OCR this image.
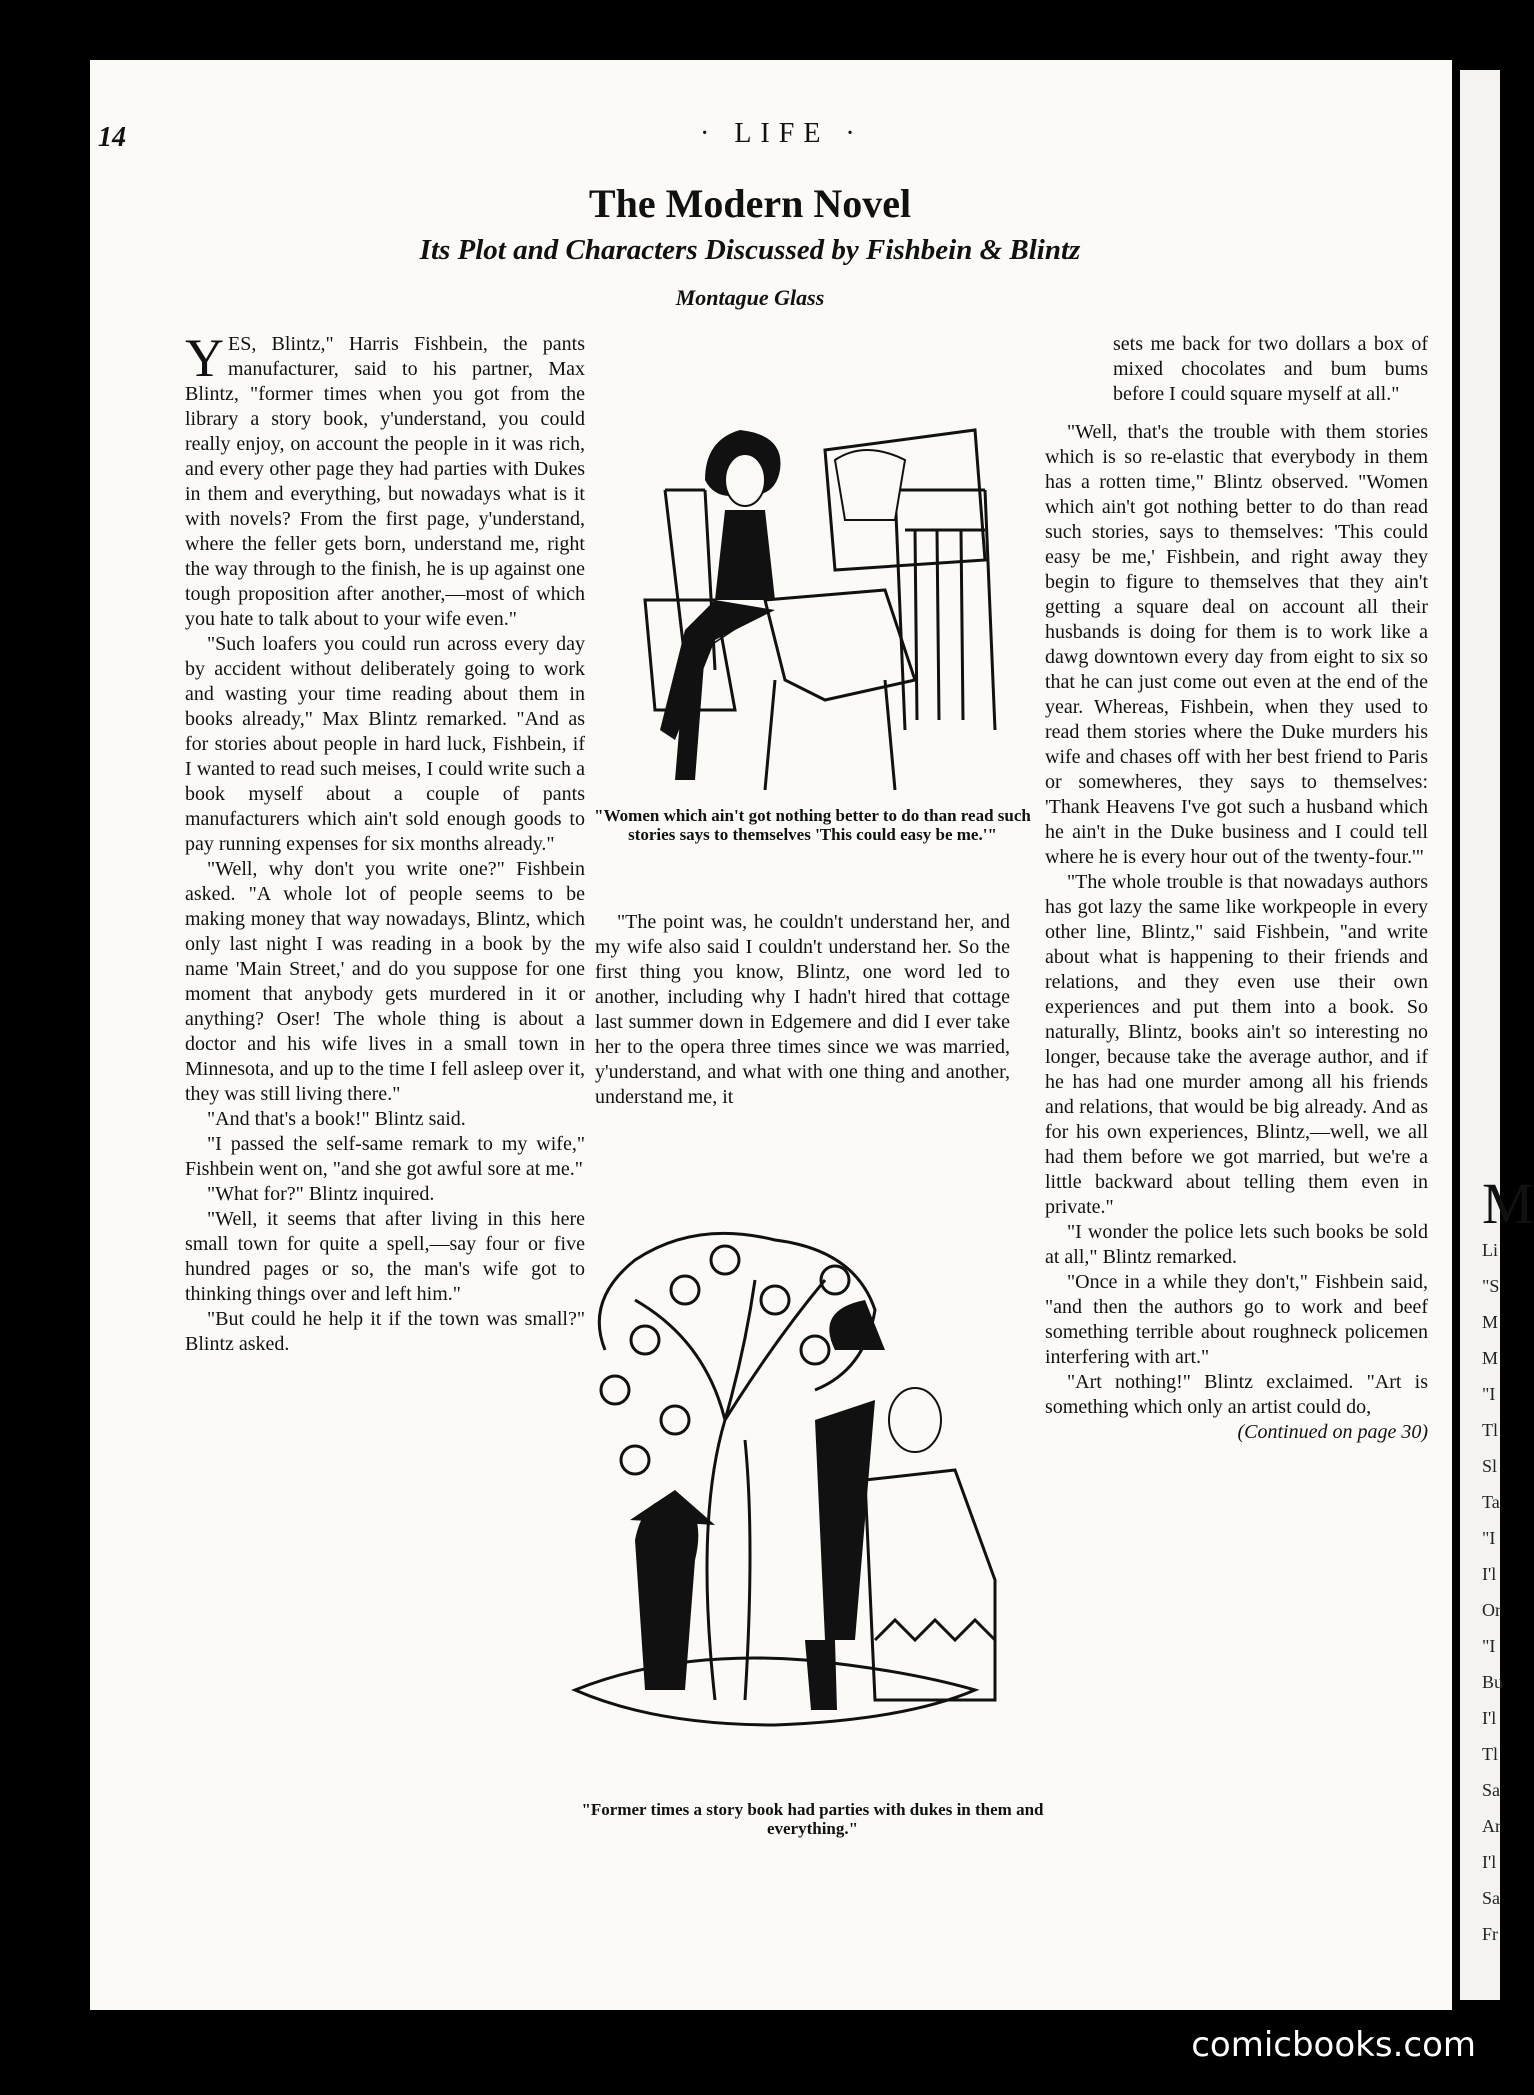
M
Li
"S
M
M
"I
Tl
Sl
Ta
"I
I'l
Or
"I
Bu
I'l
Tl
Sa
Ar
I'l
Sa
Fr
14	· LIFE ·
The Modern Novel
Its Plot and Characters Discussed by Fishbein & Blintz
Montague Glass

YES, Blintz," Harris Fishbein, the pants manufacturer, said to his partner, Max Blintz, "former times when you got from the library a story book, y'understand, you could really enjoy, on account the people in it was rich, and every other page they had parties with Dukes in them and everything, but nowadays what is it with novels? From the first page, y'understand, where the feller gets born, understand me, right the way through to the finish, he is up against one tough proposition after another,—most of which you hate to talk about to your wife even."

"Such loafers you could run across every day by accident without deliberately going to work and wasting your time reading about them in books already," Max Blintz remarked. "And as for stories about people in hard luck, Fishbein, if I wanted to read such meises, I could write such a book myself about a couple of pants manufacturers which ain't sold enough goods to pay running expenses for six months already."

"Well, why don't you write one?" Fishbein asked. "A whole lot of people seems to be making money that way nowadays, Blintz, which only last night I was reading in a book by the name 'Main Street,' and do you suppose for one moment that anybody gets murdered in it or anything? Oser! The whole thing is about a doctor and his wife lives in a small town in Minnesota, and up to the time I fell asleep over it, they was still living there."

"And that's a book!" Blintz said.

"I passed the self-same remark to my wife," Fishbein went on, "and she got awful sore at me."

"What for?" Blintz inquired.

"Well, it seems that after living in this here small town for quite a spell,—say four or five hundred pages or so, the man's wife got to thinking things over and left him."

"But could he help it if the town was small?" Blintz asked.

"Women which ain't got nothing better to do than read such stories says to themselves 'This could easy be me.'"

"The point was, he couldn't understand her, and my wife also said I couldn't understand her. So the first thing you know, Blintz, one word led to another, including why I hadn't hired that cottage last summer down in Edgemere and did I ever take her to the opera three times since we was married, y'understand, and what with one thing and another, understand me, it

"Former times a story book had parties with dukes in them and everything."

sets me back for two dollars a box of mixed chocolates and bum bums before I could square myself at all."

"Well, that's the trouble with them stories which is so re-elastic that everybody in them has a rotten time," Blintz observed. "Women which ain't got nothing better to do than read such stories, says to themselves: 'This could easy be me,' Fishbein, and right away they begin to figure to themselves that they ain't getting a square deal on account all their husbands is doing for them is to work like a dawg downtown every day from eight to six so that he can just come out even at the end of the year. Whereas, Fishbein, when they used to read them stories where the Duke murders his wife and chases off with her best friend to Paris or somewheres, they says to themselves: 'Thank Heavens I've got such a husband which he ain't in the Duke business and I could tell where he is every hour out of the twenty-four.'"

"The whole trouble is that nowadays authors has got lazy the same like workpeople in every other line, Blintz," said Fishbein, "and write about what is happening to their friends and relations, and they even use their own experiences and put them into a book. So naturally, Blintz, books ain't so interesting no longer, because take the average author, and if he has had one murder among all his friends and relations, that would be big already. And as for his own experiences, Blintz,—well, we all had them before we got married, but we're a little backward about telling them even in private."

"I wonder the police lets such books be sold at all," Blintz remarked.

"Once in a while they don't," Fishbein said, "and then the authors go to work and beef something terrible about roughneck policemen interfering with art."

"Art nothing!" Blintz exclaimed. "Art is something which only an artist could do,

(Continued on page 30)

comicbooks.com
